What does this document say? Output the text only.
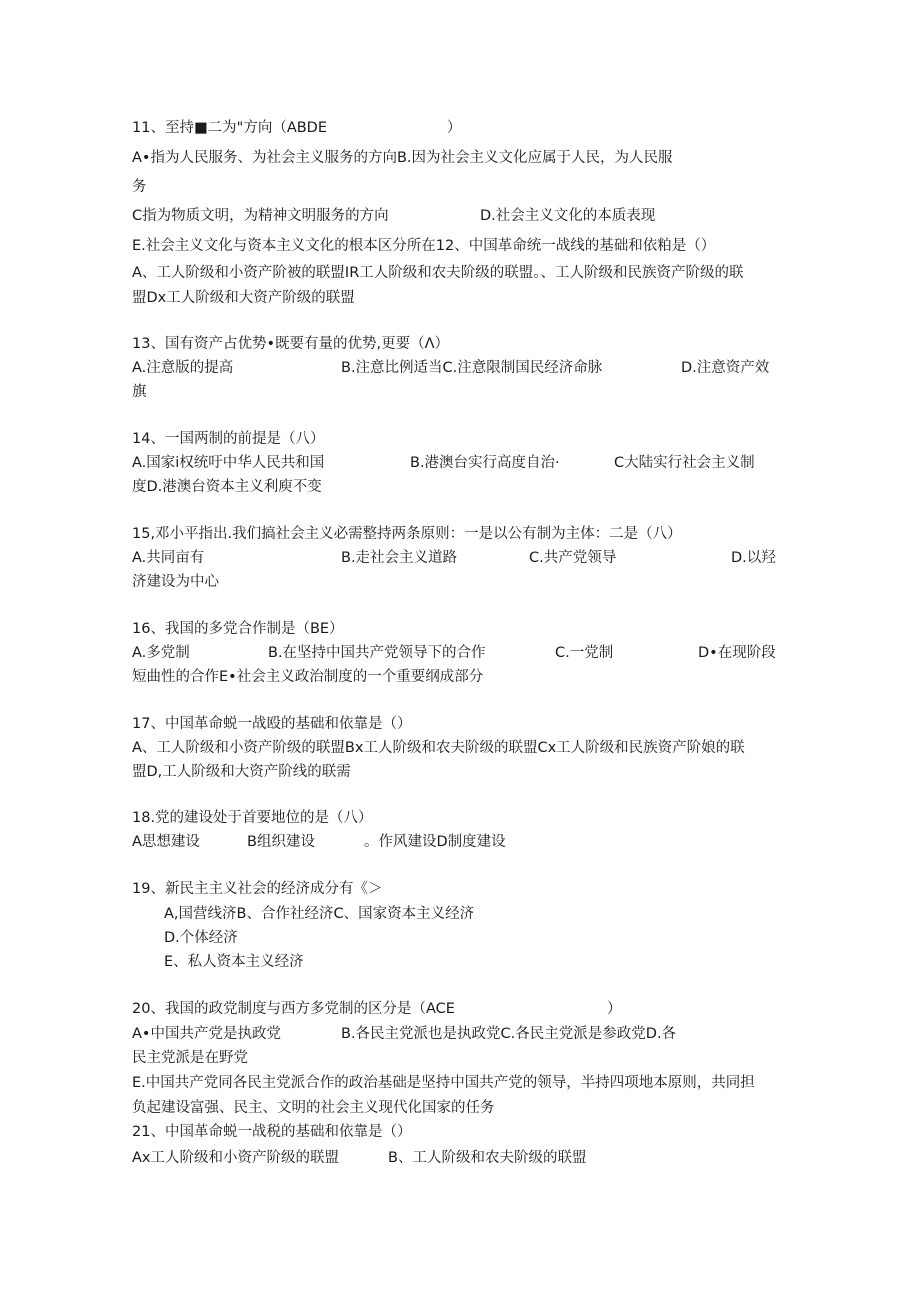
11、至持■二为"方向（ABDE                          ）
A•指为人民服务、为社会主义服务的方向B.因为社会主义文化应属于人民，为人民服
务
C指为物质文明，为精神文明服务的方向	D.社会主义文化的本质表现
E.社会主义文化与资本主义文化的根本区分所在12、中国革命统一战线的基础和依粕是（）
A、工人阶级和小资产阶被的联盟IR工人阶级和农夫阶级的联盟。、工人阶级和民族资产阶级的联
盟Dx工人阶级和大资产阶级的联盟
13、国有资产占优势•既要有量的优势,更要（Λ）
A.注意版的提高	B.注意比例适当C.注意限制国民经济命脉	D.注意资产效
旗
14、一国两制的前提是（八）
A.国家i权统吁中华人民共和国	B.港澳台实行高度自治·	C大陆实行社会主义制
度D.港澳台资本主义利庾不变
15,邓小平指出.我们搞社会主义必需整持两条原则：一是以公有制为主体：二是（八）
A.共同亩有	B.走社会主义道路	C.共产党领导	D.以羟
济建设为中心
16、我国的多党合作制是（BE）
A.多党制	B.在坚持中国共产党领导下的合作	C.一党制	D•在现阶段
短曲性的合作E•社会主义政治制度的一个重要纲成部分
17、中国革命蜕一战殴的基础和依靠是（）
A、工人阶级和小资产阶级的联盟Bx工人阶级和农夫阶级的联盟Cx工人阶级和民族资产阶娘的联
盟D,工人阶级和大资产阶线的联需
18.党的建设处于首要地位的是（八）
A思想建设	B组织建设	。作风建设D制度建设
19、新民主主义社会的经济成分有《＞
A,国营线济B、合作社经济C、国家资本主义经济
D.个体经济
E、私人资本主义经济
20、我国的政党制度与西方多党制的区分是（ACE                                 ）
A•中国共产党是执政党	B.各民主党派也是执政党C.各民主党派是参政党D.各
民主党派是在野党
E.中国共产党同各民主党派合作的政治基础是坚持中国共产党的领导，半持四项地本原则，共同担
负起建设富强、民主、文明的社会主义现代化国家的任务
21、中国革命蜕一战税的基础和依靠是（）
Ax工人阶级和小资产阶级的联盟	B、工人阶级和农夫阶级的联盟
